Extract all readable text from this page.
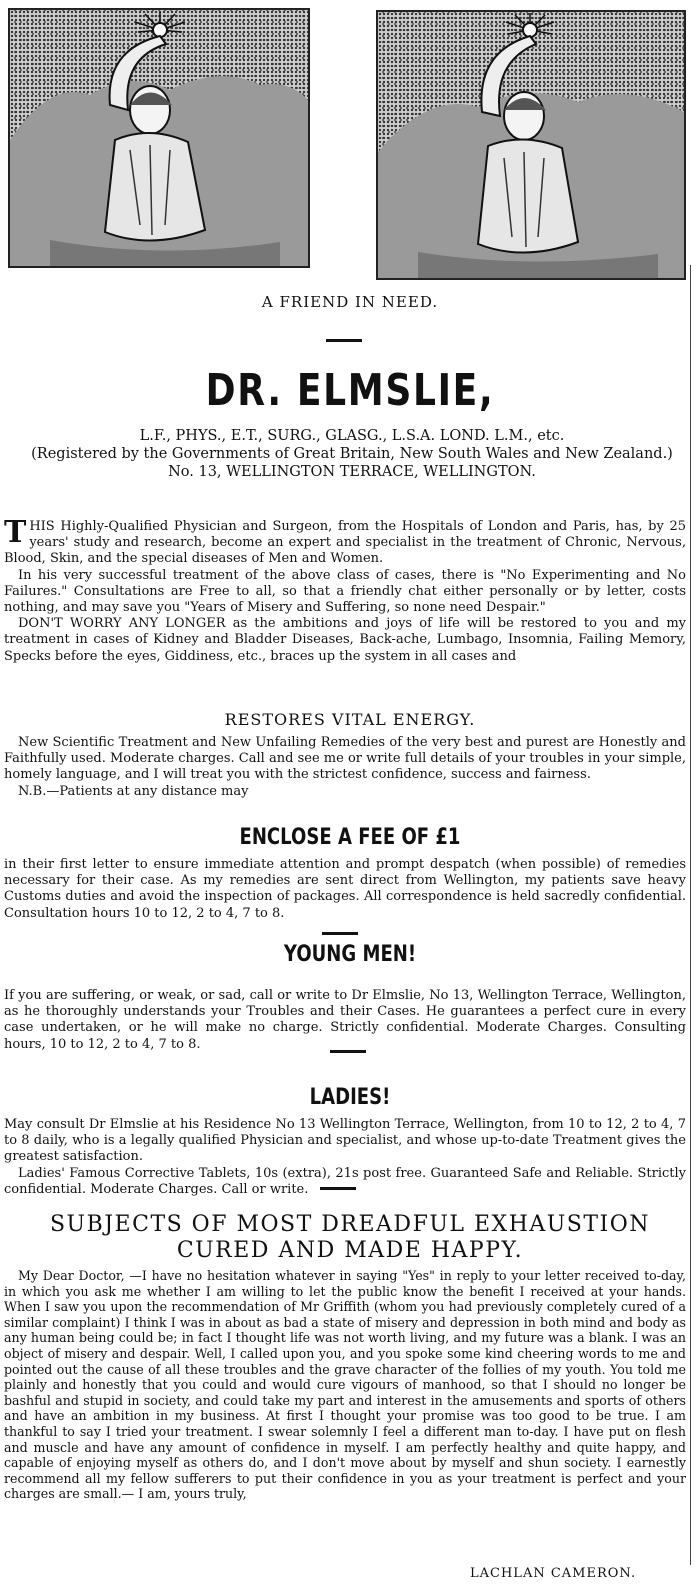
A FRIEND IN NEED.
DR. ELMSLIE,
L.F., PHYS., E.T., SURG., GLASG., L.S.A. LOND. L.M., etc.
(Registered by the Governments of Great Britain, New South Wales and New Zealand.)
No. 13, WELLINGTON TERRACE, WELLINGTON.

THIS Highly-Qualified Physician and Surgeon, from the Hospitals of London and Paris, has, by 25 years' study and research, become an expert and specialist in the treatment of Chronic, Nervous, Blood, Skin, and the special diseases of Men and Women.

In his very successful treatment of the above class of cases, there is "No Experimenting and No Failures." Consultations are Free to all, so that a friendly chat either personally or by letter, costs nothing, and may save you "Years of Misery and Suffering, so none need Despair."

DON'T WORRY ANY LONGER as the ambitions and joys of life will be restored to you and my treatment in cases of Kidney and Bladder Diseases, Back-ache, Lumbago, Insomnia, Failing Memory, Specks before the eyes, Giddiness, etc., braces up the system in all cases and

RESTORES VITAL ENERGY.

New Scientific Treatment and New Unfailing Remedies of the very best and purest are Honestly and Faithfully used. Moderate charges. Call and see me or write full details of your troubles in your simple, homely language, and I will treat you with the strictest confidence, success and fairness.

N.B.—Patients at any distance may

ENCLOSE A FEE OF £1

in their first letter to ensure immediate attention and prompt despatch (when possible) of remedies necessary for their case. As my remedies are sent direct from Wellington, my patients save heavy Customs duties and avoid the inspection of packages. All correspondence is held sacredly confidential. Consultation hours 10 to 12, 2 to 4, 7 to 8.

YOUNG MEN!

If you are suffering, or weak, or sad, call or write to Dr Elmslie, No 13, Wellington Terrace, Wellington, as he thoroughly understands your Troubles and their Cases. He guarantees a perfect cure in every case undertaken, or he will make no charge. Strictly confidential. Moderate Charges. Consulting hours, 10 to 12, 2 to 4, 7 to 8.

LADIES!

May consult Dr Elmslie at his Residence No 13 Wellington Terrace, Wellington, from 10 to 12, 2 to 4, 7 to 8 daily, who is a legally qualified Physician and specialist, and whose up-to-date Treatment gives the greatest satisfaction.

Ladies' Famous Corrective Tablets, 10s (extra), 21s post free. Guaranteed Safe and Reliable. Strictly confidential. Moderate Charges. Call or write.

SUBJECTS OF MOST DREADFUL EXHAUSTION CURED AND MADE HAPPY.

My Dear Doctor, —I have no hesitation whatever in saying "Yes" in reply to your letter received to-day, in which you ask me whether I am willing to let the public know the benefit I received at your hands. When I saw you upon the recommendation of Mr Griffith (whom you had previously completely cured of a similar complaint) I think I was in about as bad a state of misery and depression in both mind and body as any human being could be; in fact I thought life was not worth living, and my future was a blank. I was an object of misery and despair. Well, I called upon you, and you spoke some kind cheering words to me and pointed out the cause of all these troubles and the grave character of the follies of my youth. You told me plainly and honestly that you could and would cure vigours of manhood, so that I should no longer be bashful and stupid in society, and could take my part and interest in the amusements and sports of others and have an ambition in my business. At first I thought your promise was too good to be true. I am thankful to say I tried your treatment. I swear solemnly I feel a different man to-day. I have put on flesh and muscle and have any amount of confidence in myself. I am perfectly healthy and quite happy, and capable of enjoying myself as others do, and I don't move about by myself and shun society. I earnestly recommend all my fellow sufferers to put their confidence in you as your treatment is perfect and your charges are small.— I am, yours truly,

LACHLAN CAMERON.
